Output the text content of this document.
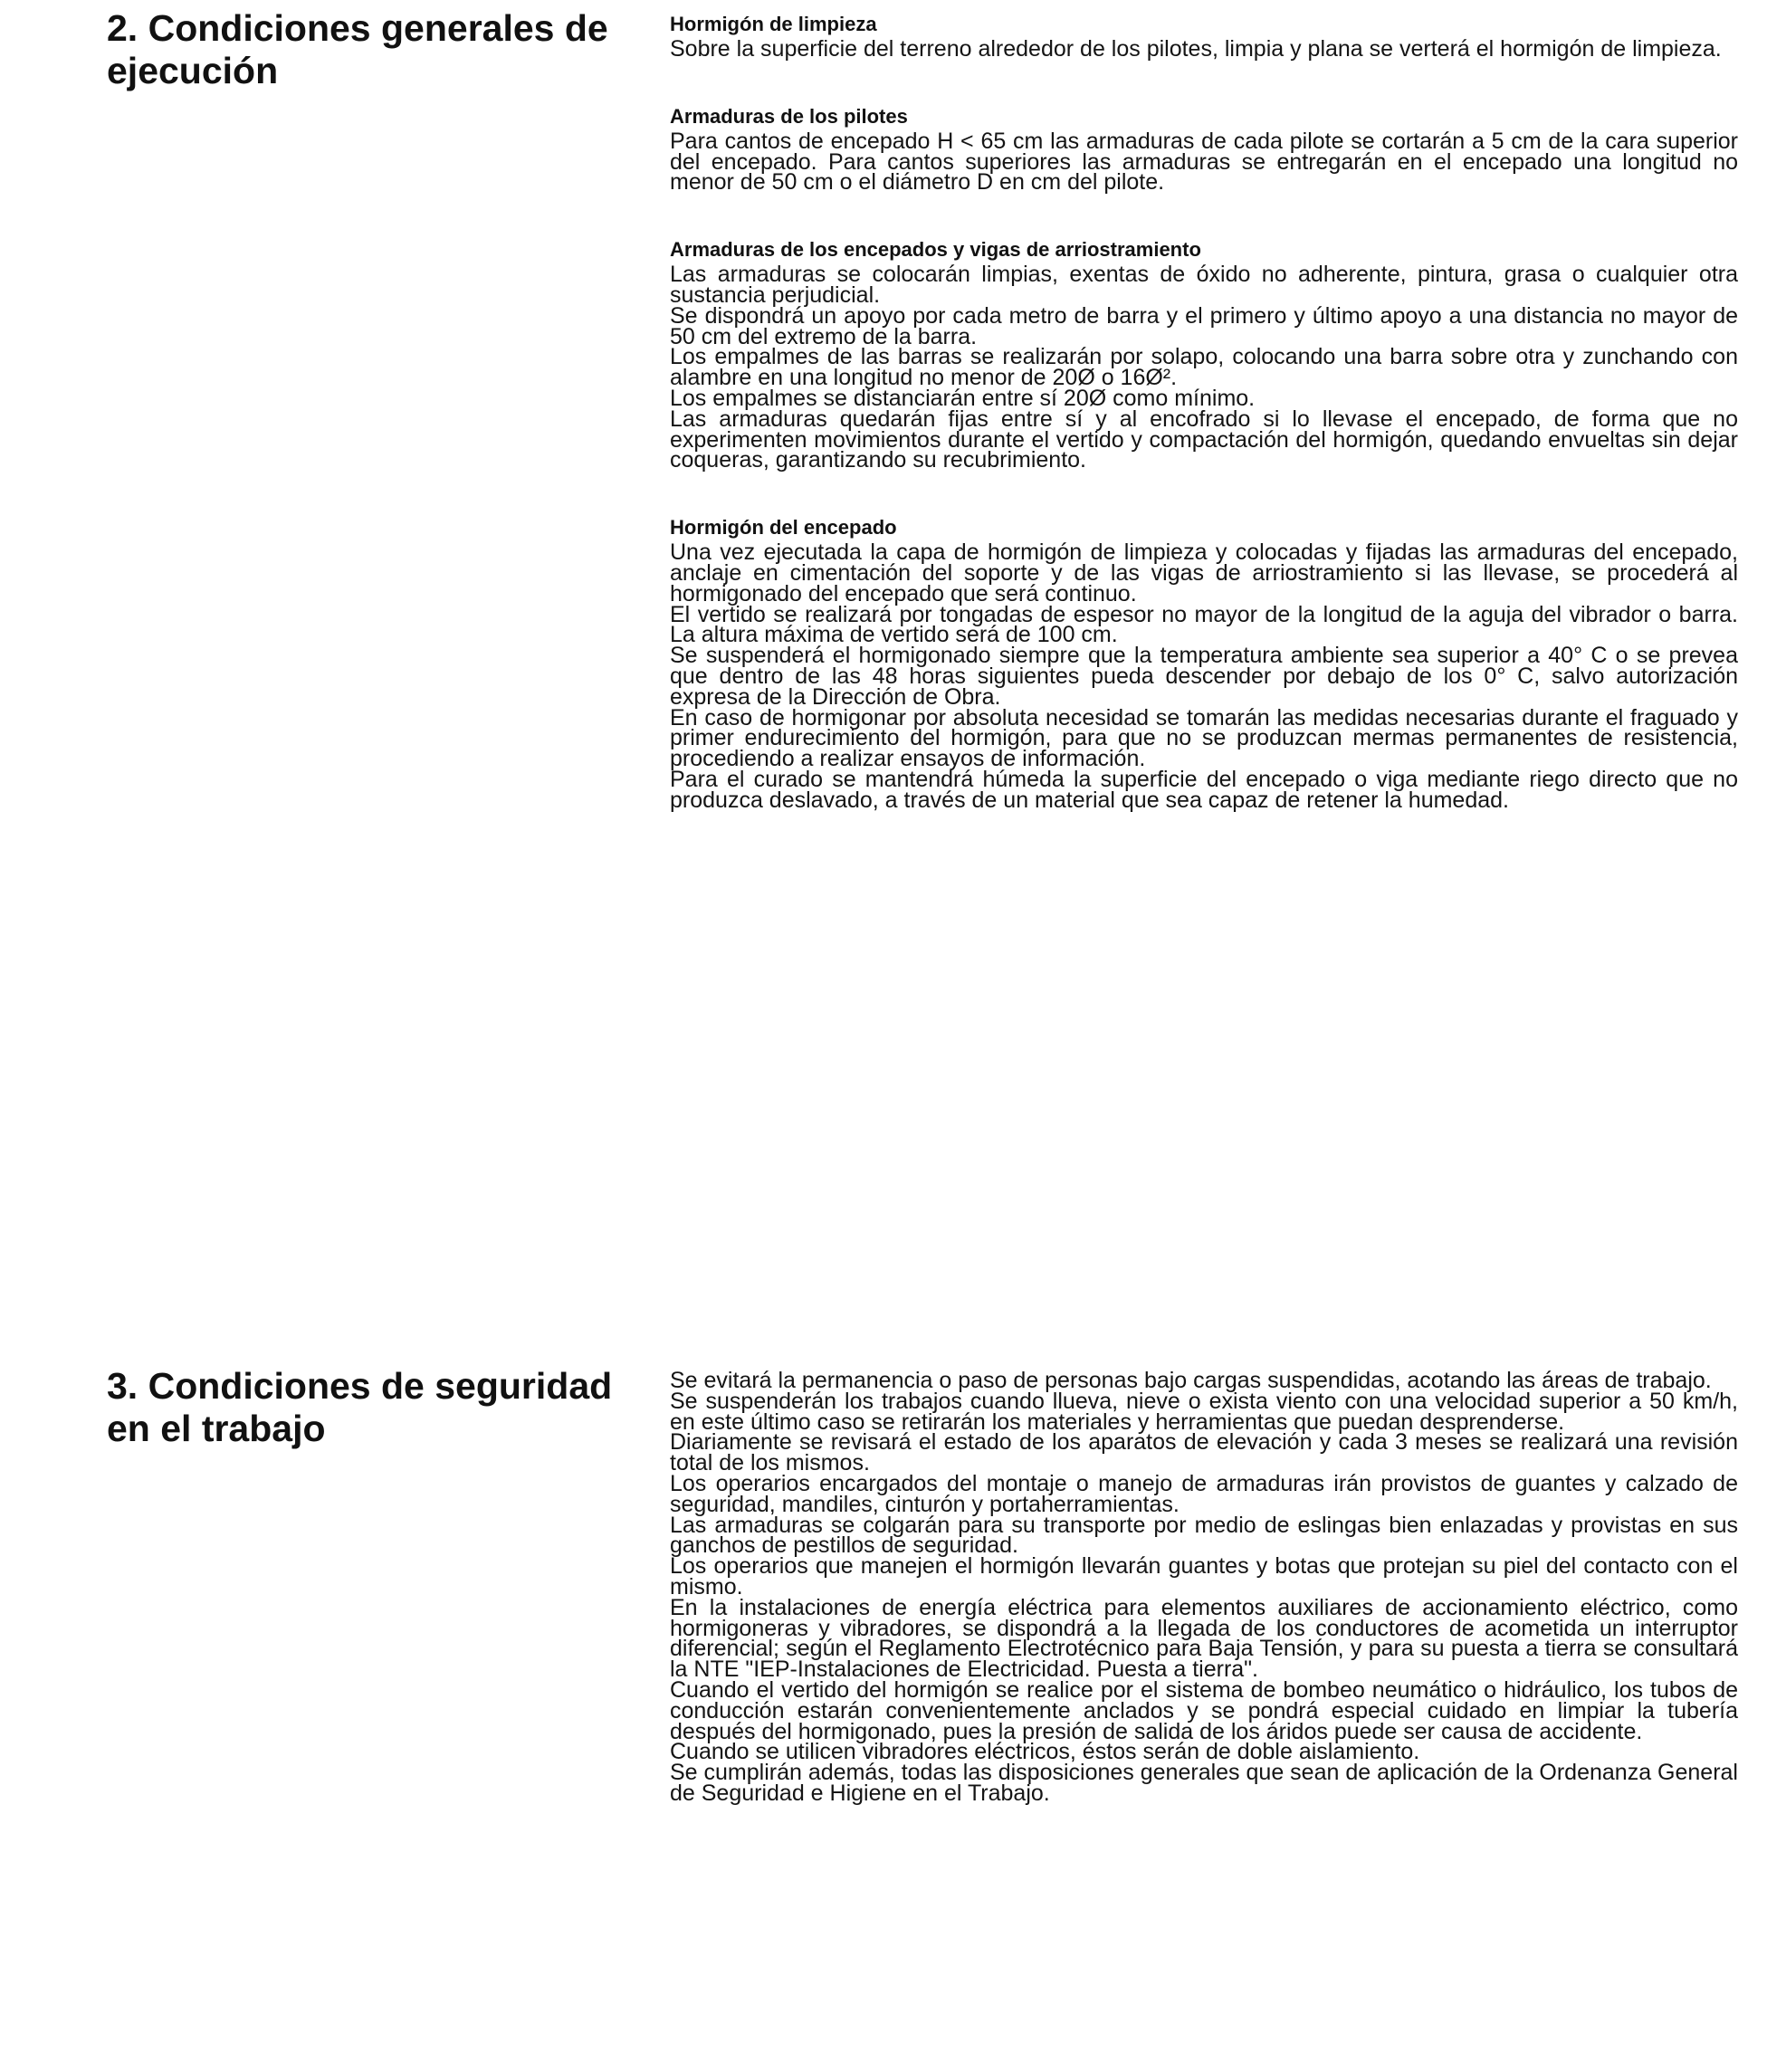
2. Condiciones generales de ejecución
Hormigón de limpieza

Sobre la superficie del terreno alrededor de los pilotes, limpia y plana se verterá el hormigón de limpieza.

Armaduras de los pilotes

Para cantos de encepado H < 65 cm las armaduras de cada pilote se cortarán a 5 cm de la cara superior del encepado. Para cantos superiores las armaduras se entregarán en el encepado una longitud no menor de 50 cm o el diámetro D en cm del pilote.

Armaduras de los encepados y vigas de arriostramiento

Las armaduras se colocarán limpias, exentas de óxido no adherente, pintura, grasa o cualquier otra sustancia perjudicial.

Se dispondrá un apoyo por cada metro de barra y el primero y último apoyo a una distancia no mayor de 50 cm del extremo de la barra.

Los empalmes de las barras se realizarán por solapo, colocando una barra sobre otra y zunchando con alambre en una longitud no menor de 20Ø o 16Ø².

Los empalmes se distanciarán entre sí 20Ø como mínimo.

Las armaduras quedarán fijas entre sí y al encofrado si lo llevase el encepado, de forma que no experimenten movimientos durante el vertido y compactación del hormigón, quedando envueltas sin dejar coqueras, garantizando su recubrimiento.

Hormigón del encepado

Una vez ejecutada la capa de hormigón de limpieza y colocadas y fijadas las armaduras del encepado, anclaje en cimentación del soporte y de las vigas de arriostramiento si las llevase, se procederá al hormigonado del encepado que será continuo.

El vertido se realizará por tongadas de espesor no mayor de la longitud de la aguja del vibrador o barra. La altura máxima de vertido será de 100 cm.

Se suspenderá el hormigonado siempre que la temperatura ambiente sea superior a 40° C o se prevea que dentro de las 48 horas siguientes pueda descender por debajo de los 0° C, salvo autorización expresa de la Dirección de Obra.

En caso de hormigonar por absoluta necesidad se tomarán las medidas necesarias durante el fraguado y primer endurecimiento del hormigón, para que no se produzcan mermas permanentes de resistencia, procediendo a realizar ensayos de información.

Para el curado se mantendrá húmeda la superficie del encepado o viga mediante riego directo que no produzca deslavado, a través de un material que sea capaz de retener la humedad.

3. Condiciones de seguridad en el trabajo

Se evitará la permanencia o paso de personas bajo cargas suspendidas, acotando las áreas de trabajo.

Se suspenderán los trabajos cuando llueva, nieve o exista viento con una velocidad superior a 50 km/h, en este último caso se retirarán los materiales y herramientas que puedan desprenderse.

Diariamente se revisará el estado de los aparatos de elevación y cada 3 meses se realizará una revisión total de los mismos.

Los operarios encargados del montaje o manejo de armaduras irán provistos de guantes y calzado de seguridad, mandiles, cinturón y portaherramientas.

Las armaduras se colgarán para su transporte por medio de eslingas bien enlazadas y provistas en sus ganchos de pestillos de seguridad.

Los operarios que manejen el hormigón llevarán guantes y botas que protejan su piel del contacto con el mismo.

En la instalaciones de energía eléctrica para elementos auxiliares de accionamiento eléctrico, como hormigoneras y vibradores, se dispondrá a la llegada de los conductores de acometida un interruptor diferencial; según el Reglamento Electrotécnico para Baja Tensión, y para su puesta a tierra se consultará la NTE "IEP-Instalaciones de Electricidad. Puesta a tierra".

Cuando el vertido del hormigón se realice por el sistema de bombeo neumático o hidráulico, los tubos de conducción estarán convenientemente anclados y se pondrá especial cuidado en limpiar la tubería después del hormigonado, pues la presión de salida de los áridos puede ser causa de accidente.

Cuando se utilicen vibradores eléctricos, éstos serán de doble aislamiento.

Se cumplirán además, todas las disposiciones generales que sean de aplicación de la Ordenanza General de Seguridad e Higiene en el Trabajo.
